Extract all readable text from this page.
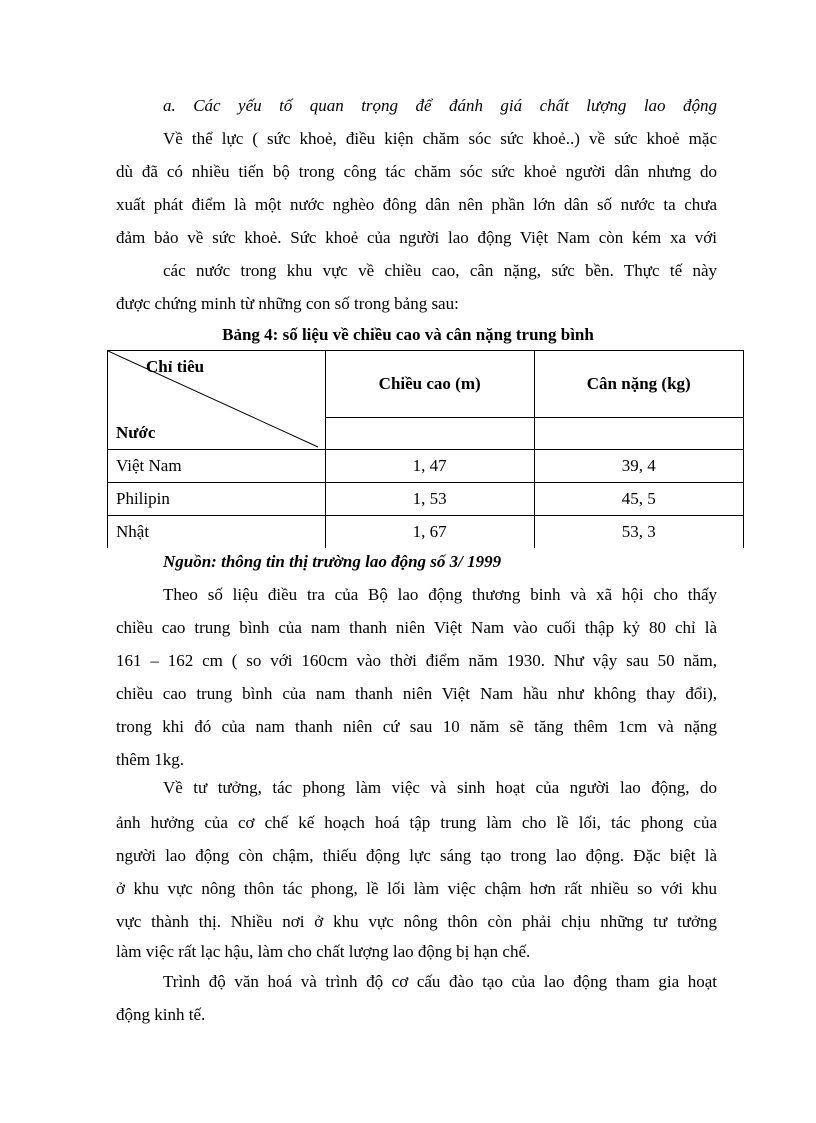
a. Các yếu tố quan trọng để đánh giá chất lượng lao động
Về thể lực ( sức khoẻ, điều kiện chăm sóc sức khoẻ..) về sức khoẻ mặc
dù đã có nhiều tiến bộ trong công tác chăm sóc sức khoẻ người dân nhưng do
xuất phát điểm là một nước nghèo đông dân nên phần lớn dân số nước ta chưa
đảm bảo về sức khoẻ. Sức khoẻ của người lao động Việt Nam còn kém xa với
các nước trong khu vực về chiều cao, cân nặng, sức bền. Thực tế này
được chứng minh từ những con số trong bảng sau:
Bảng 4: số liệu về chiều cao và cân nặng trung bình
Chỉ tiêu
Nước	Chiều cao (m)	Cân nặng (kg)

Việt Nam	1, 47	39, 4
Philipin	1, 53	45, 5
Nhật	1, 67	53, 3
Nguồn: thông tin thị trường lao động số 3/ 1999
Theo số liệu điều tra của Bộ lao động thương binh và xã hội cho thấy
chiều cao trung bình của nam thanh niên Việt Nam vào cuối thập kỷ 80 chỉ là
161 – 162 cm ( so với 160cm vào thời điểm năm 1930. Như vậy sau 50 năm,
chiều cao trung bình của nam thanh niên Việt Nam hầu như không thay đổi),
trong khi đó của nam thanh niên cứ sau 10 năm sẽ tăng thêm 1cm và nặng
thêm 1kg.
Về tư tưởng, tác phong làm việc và sinh hoạt của người lao động, do
ảnh hưởng của cơ chế kế hoạch hoá tập trung làm cho lề lối, tác phong của
người lao động còn chậm, thiếu động lực sáng tạo trong lao động. Đặc biệt là
ở khu vực nông thôn tác phong, lề lối làm việc chậm hơn rất nhiều so với khu
vực thành thị. Nhiều nơi ở khu vực nông thôn còn phải chịu những tư tưởng
làm việc rất lạc hậu, làm cho chất lượng lao động bị hạn chế.
Trình độ văn hoá và trình độ cơ cấu đào tạo của lao động tham gia hoạt
động kinh tế.
